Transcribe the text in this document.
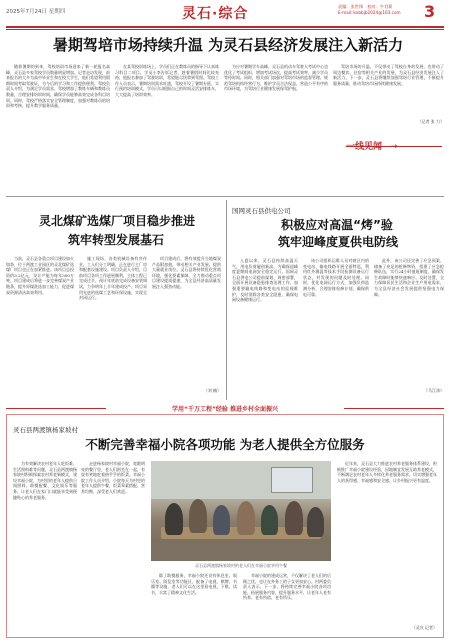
2025年7月24日 星期四	灵石·综合	责编：张世锋　校对：牛君莉
E-mail:lsxbbjb2024@163.com 3
暑期驾培市场持续升温 为灵石县经济发展注入新活力
随着暑期的到来，驾校培训市场迎来了新一轮报名高峰，灵石县多家驾校学员数量明显增加。记者走访发现，前来报名的大多为高中毕业生和在校大学生，他们希望利用假期时间考取驾驶证，为今后的学习和工作提供便利。驾校负责人介绍，为满足学员需求，驾校增加了教练车辆和教练员数量，合理安排培训时间，确保学员能够高效完成各科目培训。同时，驾校严格落实安全管理制度，加强对教练员的培训和考核，提升教学服务质量。
在某驾校训练场上，学员们正在教练员的指导下认真练习科目二项目。学员小李告诉记者，趁着暑假时间比较充裕，他报名参加了驾驶培训，希望能尽快拿到驾照。驾校工作人员表示，暑期培训需求旺盛，驾校开设了暑期专班，实行预约培训模式，学员可以根据自己的时间灵活安排练车，大大提高了培训效率。
为应对暑期学车高峰，灵石县机动车驾驶人考试中心也优化了考试组织，增加考试场次，提高考试效率，减少学员等待时间。同时，相关部门加强对驾培市场的监督管理，规范驾培机构经营行为，维护学员合法权益，营造公平有序的市场环境，为驾培行业健康发展保驾护航。
驾培市场的升温，不仅带动了驾校自身的发展，也带动了周边餐饮、住宿等相关产业的发展，为灵石县经济发展注入了新活力。下一步，灵石县将继续加强驾培行业管理，不断提升服务质量，推动驾培市场持续健康发展。
（记者 张 力）
一线见闻 →
灵北煤矿选煤厂项目稳步推进
筑牢转型发展基石
当前，灵石县各重点项目建设如火如荼，位于两渡工业园区的灵北煤矿选煤厂项目也正在加紧推进。该项目总投资约3.2亿元，设计产能为每年300万吨，项目建成后将进一步完善煤炭产业链条，提升原煤洗选加工能力，促进煤炭资源清洁高效利用。
施工现场，各类机械设备有序作业，工人们分工明确，正在进行主厂房和配套设施建设。项目负责人介绍，目前项目各项工作进展顺利，主体工程已完成过半，预计年底前完成设备安装调试，力争明年上半年建成投产。项目采用先进的选煤工艺和环保设施，实现全封闭运行。
项目建成后，将有效提升当地煤炭产品附加值，带动相关产业发展，提供大量就业岗位。灵石县将持续优化营商环境，强化要素保障，全力推动重点项目建设提质提速，为全县经济高质量发展注入强劲动能。
（刘 楠）
国网灵石县供电公司
积极应对高温“烤”验
筑牢迎峰度夏供电防线
入夏以来，灵石县持续高温天气，用电负荷屡创新高。为确保迎峰度夏期间电网安全稳定运行，国网灵石县供电公司提前谋划、周密部署，全面开展设备隐患排查治理工作，加强重要输电线路和变电站的巡视维护，及时消除各类安全隐患，确保电网设备健康运行。
该公司组织运维人员对辖区内的变电站、输电线路开展全面特巡，利用红外测温等技术手段检测设备运行状态，对发现的问题及时处理。同时，优化电网运行方式，加强负荷监测分析，合理安排检修计划，确保供电可靠。
此外，该公司还完善了应急预案，储备了充足的抢修物资，组建了应急抢修队伍，实行24小时值班制度，确保发生故障时能够快速响应、及时处置，全力保障居民生活和企业生产用电需求，为全县经济社会发展提供坚强电力保障。
（马江涛）
学用“千万工程”经验 推进乡村全面振兴
灵石县两渡镇杨家坡村
不断完善幸福小院各项功能 为老人提供全方位服务
为有效解决农村老年人吃饭难、生活照料难等问题，灵石县两渡镇杨家坡村积极探索农村养老新模式，建设幸福小院，为村里的老年人提供日间照料、助餐配餐、文化娱乐等服务，让老人们在家门口就能享受到便捷贴心的养老服务。
走进杨家坡村幸福小院，宽敞明亮的餐厅里，老人们围坐在一起，有说有笑地吃着热乎乎的饭菜。幸福小院工作人员介绍，小院每天为村里的老年人提供午餐，饭菜荤素搭配、营养均衡，深受老人们欢迎。
灵石县两渡镇杨家坡村的老人们在幸福小院享用午餐
除了助餐服务，幸福小院还设有休息室、娱乐室、阅览室等功能区，配备了电视、棋牌、书籍等设施，老人们可以在这里看电视、下棋、读书，丰富了精神文化生活。
幸福小院的建成运营，不仅解决了老人们的后顾之忧，也让在外务工的子女更加安心。村两委负责人表示，下一步，将持续完善幸福小院各项功能，拓展服务内容，提升服务水平，让老年人老有所养、老有所依、老有所乐。
近年来，灵石县大力推进农村养老服务体系建设，积极推广幸福小院建设经验，因地制宜发展互助养老模式，不断满足农村老年人多样化养老服务需求，切实增强老年人的获得感、幸福感和安全感，让乡村振兴更有温度。
（灵宣 记者）
